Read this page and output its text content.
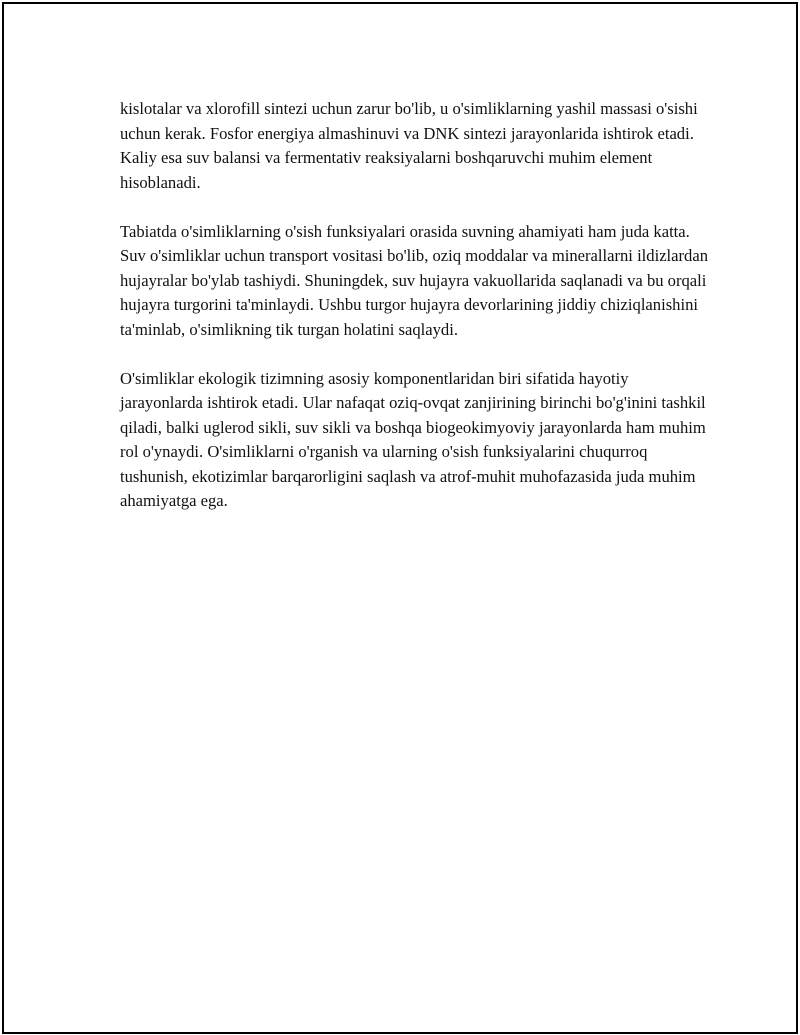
kislotalar va xlorofill sintezi uchun zarur bo'lib, u o'simliklarning yashil massasi o'sishi uchun kerak. Fosfor energiya almashinuvi va DNK sintezi jarayonlarida ishtirok etadi. Kaliy esa suv balansi va fermentativ reaksiyalarni boshqaruvchi muhim element hisoblanadi.

Tabiatda o'simliklarning o'sish funksiyalari orasida suvning ahamiyati ham juda katta. Suv o'simliklar uchun transport vositasi bo'lib, oziq moddalar va minerallarni ildizlardan hujayralar bo'ylab tashiydi. Shuningdek, suv hujayra vakuollarida saqlanadi va bu orqali hujayra turgorini ta'minlaydi. Ushbu turgor hujayra devorlarining jiddiy chiziqlanishini ta'minlab, o'simlikning tik turgan holatini saqlaydi.

O'simliklar ekologik tizimning asosiy komponentlaridan biri sifatida hayotiy jarayonlarda ishtirok etadi. Ular nafaqat oziq-ovqat zanjirining birinchi bo'g'inini tashkil qiladi, balki uglerod sikli, suv sikli va boshqa biogeokimyoviy jarayonlarda ham muhim rol o'ynaydi. O'simliklarni o'rganish va ularning o'sish funksiyalarini chuqurroq tushunish, ekotizimlar barqarorligini saqlash va atrof-muhit muhofazasida juda muhim ahamiyatga ega.
